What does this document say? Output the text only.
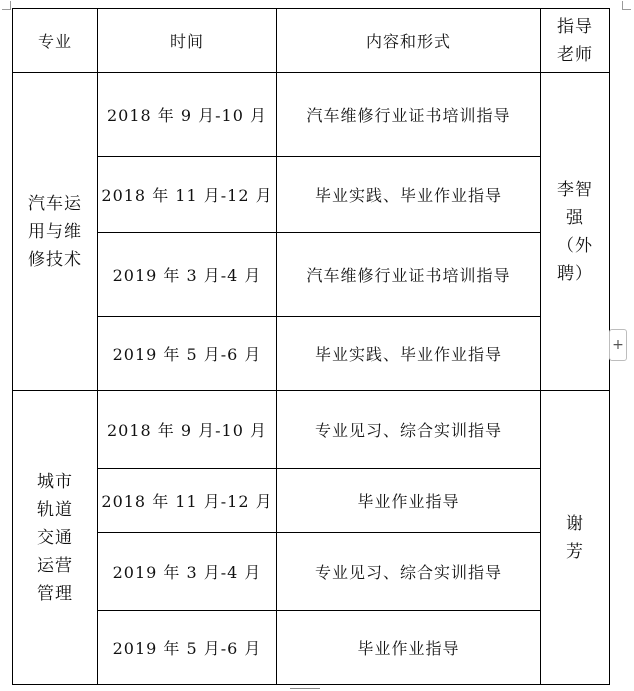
专业	时间	内容和形式	指导老师
汽车运用与维修技术	2018 年 9 月-10 月	汽车维修行业证书培训指导	李智强（外聘）
	2018 年 11 月-12 月	毕业实践、毕业作业指导	
	2019 年 3 月-4 月	汽车维修行业证书培训指导	
	2019 年 5 月-6 月	毕业实践、毕业作业指导	
城市轨道交通运营管理	2018 年 9 月-10 月	专业见习、综合实训指导	谢芳
	2018 年 11 月-12 月	毕业作业指导	
	2019 年 3 月-4 月	专业见习、综合实训指导	
	2019 年 5 月-6 月	毕业作业指导	
+
